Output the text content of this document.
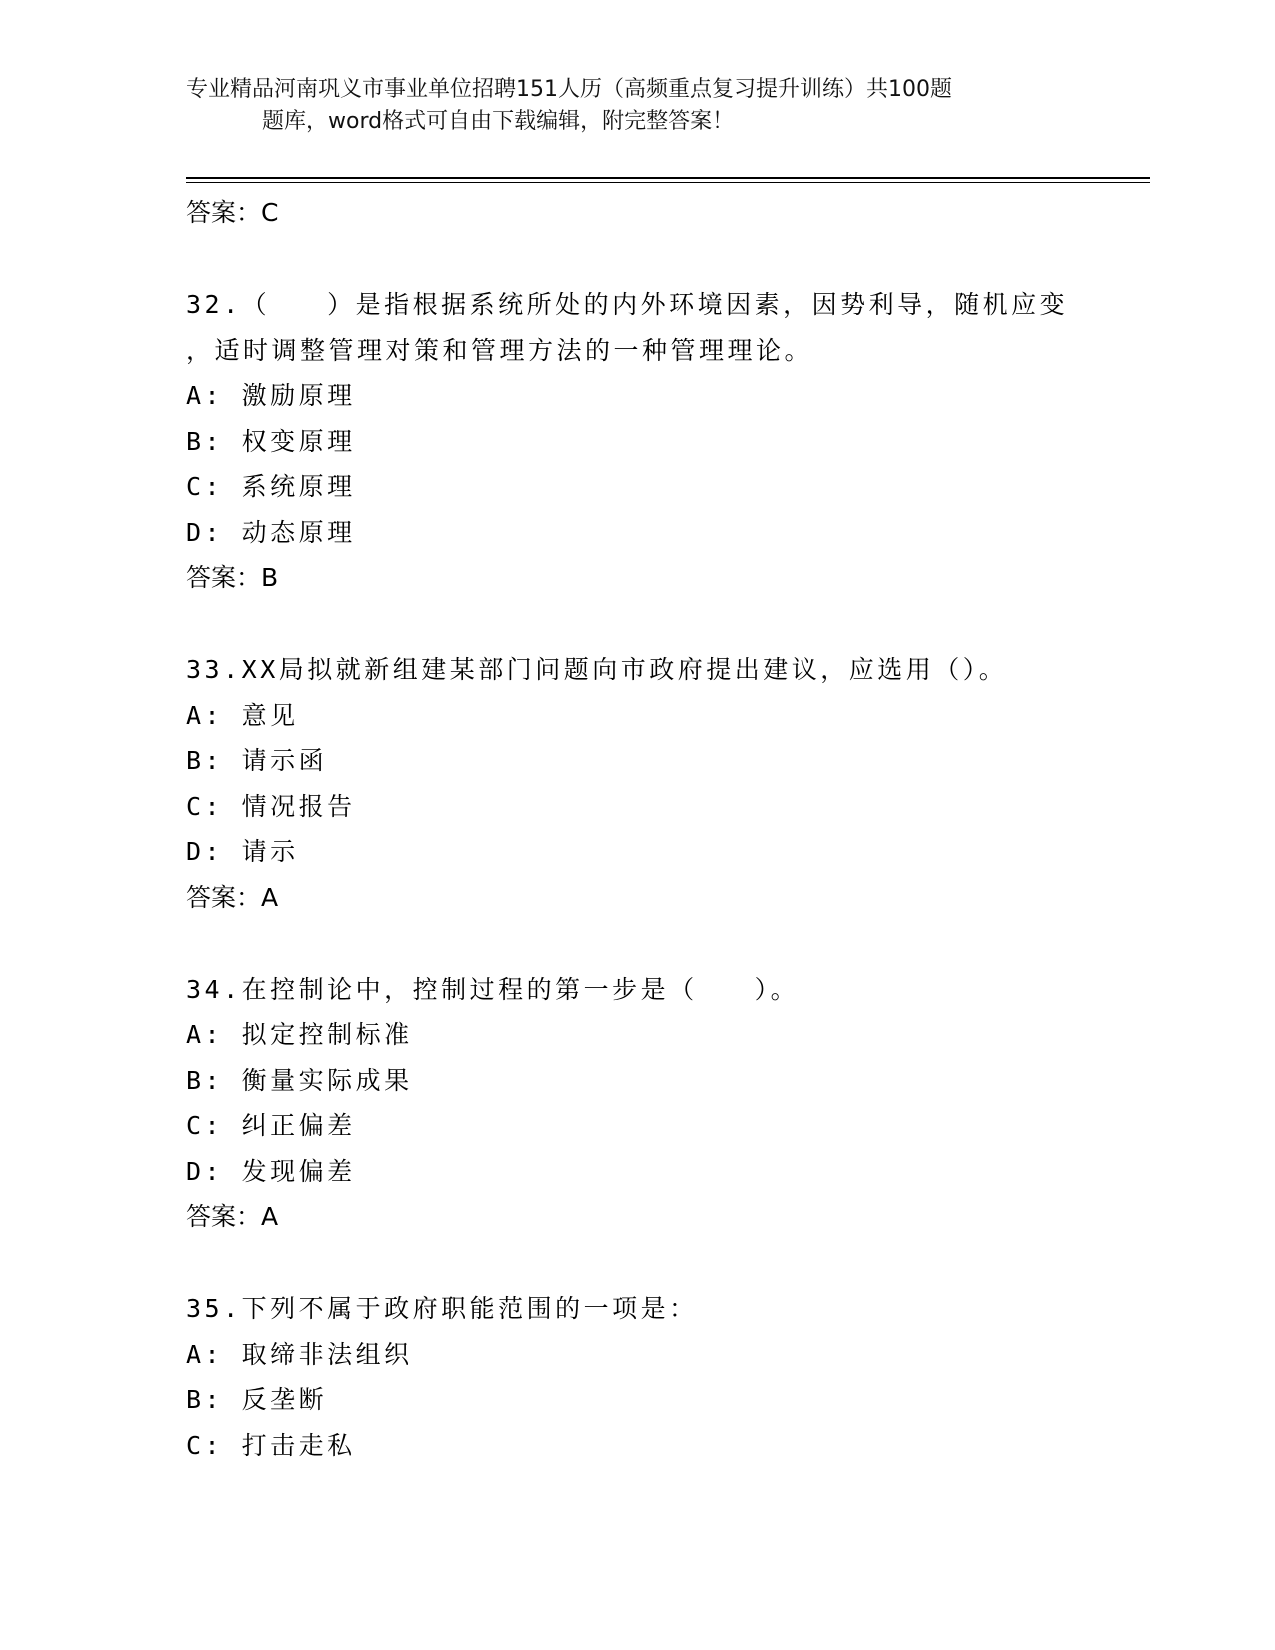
专业精品河南巩义市事业单位招聘151人历（高频重点复习提升训练）共100题
题库，word格式可自由下载编辑，附完整答案！
答案：C
32.（　　）是指根据系统所处的内外环境因素，因势利导，随机应变
，适时调整管理对策和管理方法的一种管理理论。
A: 激励原理
B: 权变原理
C: 系统原理
D: 动态原理
答案：B
33.XX局拟就新组建某部门问题向市政府提出建议，应选用（）。
A: 意见
B: 请示函
C: 情况报告
D: 请示
答案：A
34.在控制论中，控制过程的第一步是（　　）。
A: 拟定控制标准
B: 衡量实际成果
C: 纠正偏差
D: 发现偏差
答案：A
35.下列不属于政府职能范围的一项是：
A: 取缔非法组织
B: 反垄断
C: 打击走私
